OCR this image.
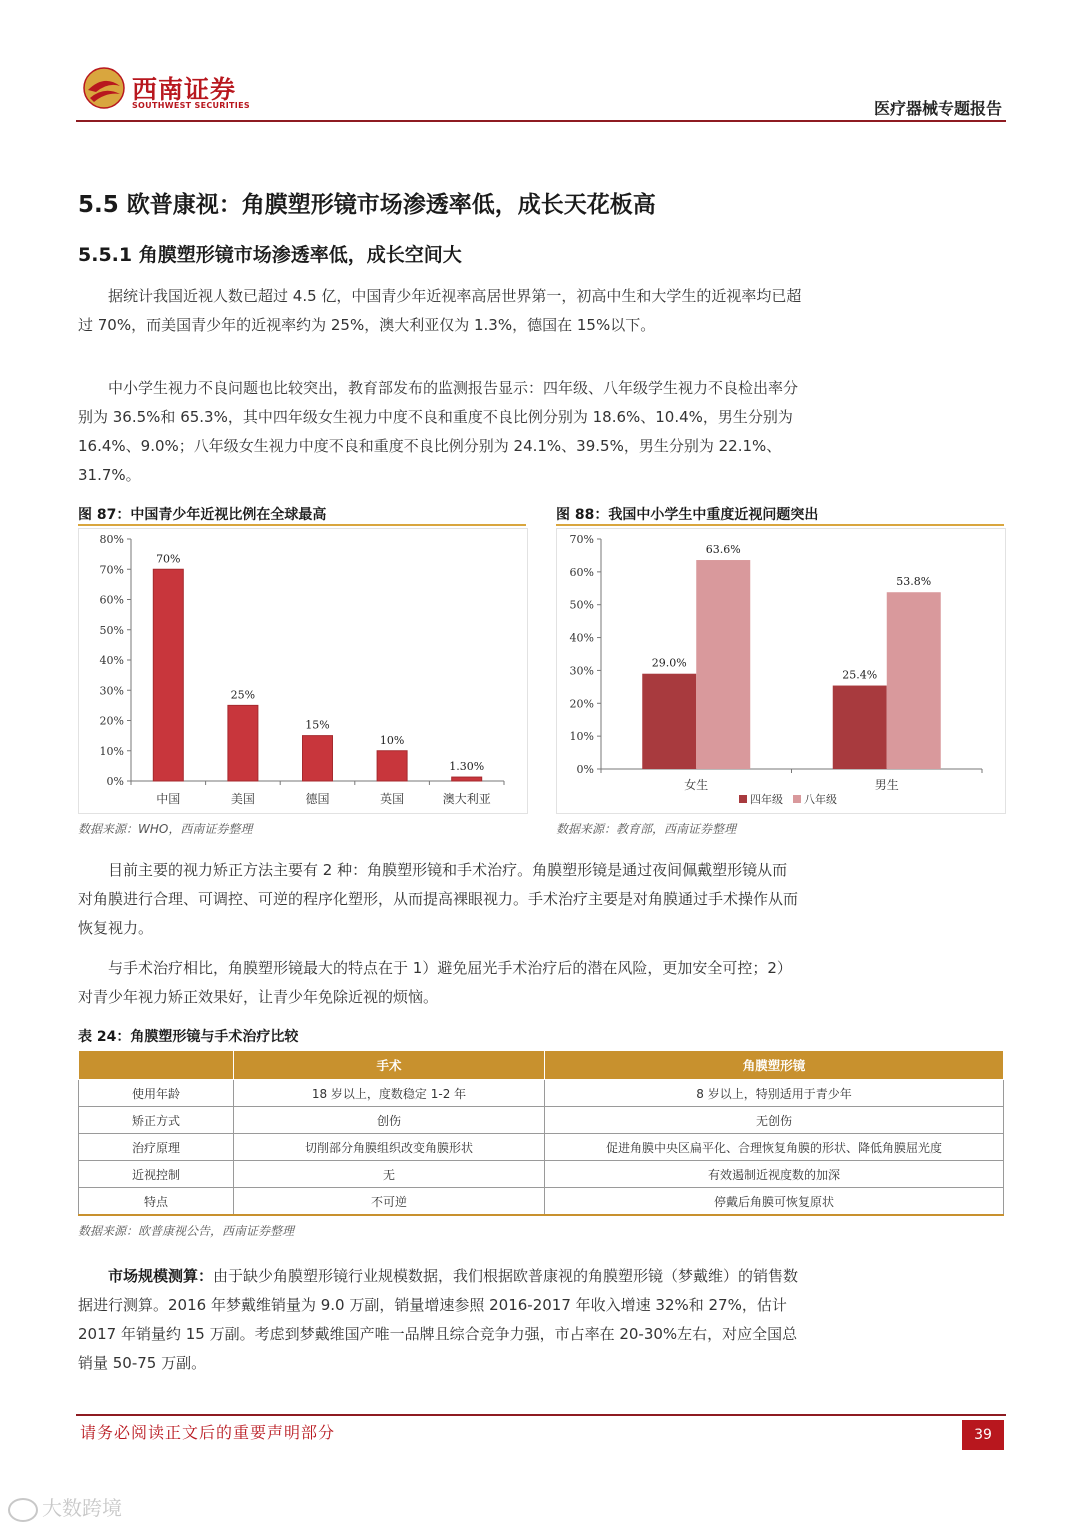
西南证券
SOUTHWEST SECURITIES	医疗器械专题报告
5.5 欧普康视：角膜塑形镜市场渗透率低，成长天花板高
5.5.1 角膜塑形镜市场渗透率低，成长空间大

据统计我国近视人数已超过 4.5 亿，中国青少年近视率高居世界第一，初高中生和大学生的近视率均已超过 70%，而美国青少年的近视率约为 25%，澳大利亚仅为 1.3%，德国在 15%以下。

中小学生视力不良问题也比较突出，教育部发布的监测报告显示：四年级、八年级学生视力不良检出率分别为 36.5%和 65.3%，其中四年级女生视力中度不良和重度不良比例分别为 18.6%、10.4%，男生分别为 16.4%、9.0%；八年级女生视力中度不良和重度不良比例分别为 24.1%、39.5%，男生分别为 22.1%、31.7%。

图 87：中国青少年近视比例在全球最高
0%
10%
20%
30%
40%
50%
60%
70%
80%
70%
中国
25%
美国
15%
德国
10%
英国
1.30%
澳大利亚
数据来源：WHO，西南证券整理
图 88：我国中小学生中重度近视问题突出
0%
10%
20%
30%
40%
50%
60%
70%
29.0%
63.6%
女生
25.4%
53.8%
男生
四年级 八年级
数据来源：教育部，西南证券整理

目前主要的视力矫正方法主要有 2 种：角膜塑形镜和手术治疗。角膜塑形镜是通过夜间佩戴塑形镜从而对角膜进行合理、可调控、可逆的程序化塑形，从而提高裸眼视力。手术治疗主要是对角膜通过手术操作从而恢复视力。

与手术治疗相比，角膜塑形镜最大的特点在于 1）避免屈光手术治疗后的潜在风险，更加安全可控；2）对青少年视力矫正效果好，让青少年免除近视的烦恼。

表 24：角膜塑形镜与手术治疗比较
	手术	角膜塑形镜
使用年龄	18 岁以上，度数稳定 1-2 年	8 岁以上，特别适用于青少年
矫正方式	创伤	无创伤
治疗原理	切削部分角膜组织改变角膜形状	促进角膜中央区扁平化、合理恢复角膜的形状、降低角膜屈光度
近视控制	无	有效遏制近视度数的加深
特点	不可逆	停戴后角膜可恢复原状
数据来源：欧普康视公告，西南证券整理

市场规模测算：由于缺少角膜塑形镜行业规模数据，我们根据欧普康视的角膜塑形镜（梦戴维）的销售数据进行测算。2016 年梦戴维销量为 9.0 万副，销量增速参照 2016-2017 年收入增速 32%和 27%，估计 2017 年销量约 15 万副。考虑到梦戴维国产唯一品牌且综合竞争力强，市占率在 20-30%左右，对应全国总销量 50-75 万副。

请务必阅读正文后的重要声明部分	39
大数跨境
